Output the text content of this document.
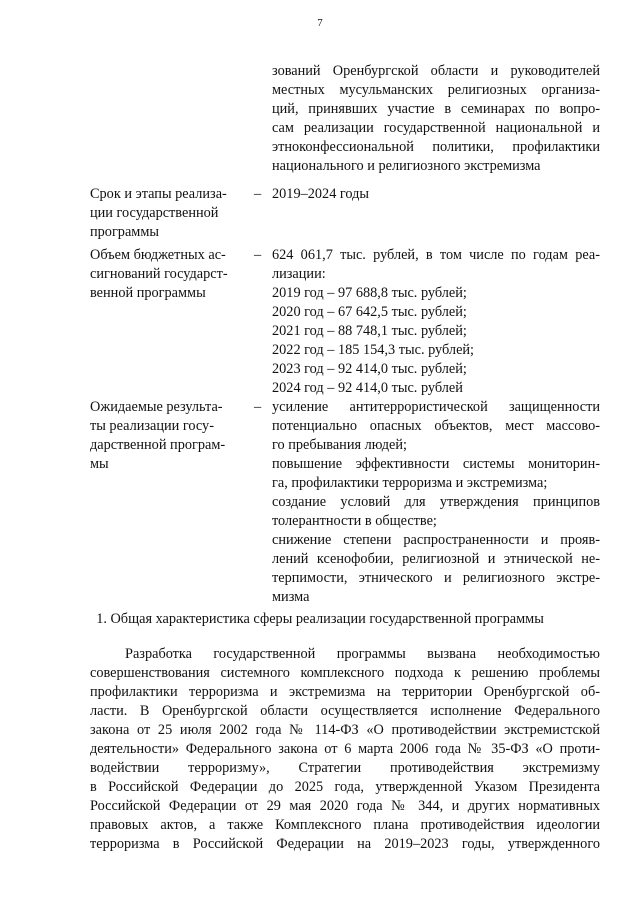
7
зований Оренбургской области и руководителей
местных мусульманских религиозных организа-
ций, принявших участие в семинарах по вопро-
сам реализации государственной национальной и
этноконфессиональной политики, профилактики
национального и религиозного экстремизма
Срок и этапы реализа-
ции государственной
программы
– 2019–2024 годы
Объем бюджетных ас-
сигнований государст-
венной программы
– 624 061,7 тыс. рублей, в том числе по годам реа-
лизации:
2019 год – 97 688,8 тыс. рублей;
2020 год – 67 642,5 тыс. рублей;
2021 год – 88 748,1 тыс. рублей;
2022 год – 185 154,3 тыс. рублей;
2023 год – 92 414,0 тыс. рублей;
2024 год – 92 414,0 тыс. рублей
Ожидаемые результа-
ты реализации госу-
дарственной програм-
мы
– усиление антитеррористической защищенности
потенциально опасных объектов, мест массово-
го пребывания людей;
повышение эффективности системы мониторин-
га, профилактики терроризма и экстремизма;
создание условий для утверждения принципов
толерантности в обществе;
снижение степени распространенности и прояв-
лений ксенофобии, религиозной и этнической не-
терпимости, этнического и религиозного экстре-
мизма
1. Общая характеристика сферы реализации государственной программы
Разработка государственной программы вызвана необходимостью
совершенствования системного комплексного подхода к решению проблемы
профилактики терроризма и экстремизма на территории Оренбургской об-
ласти. В Оренбургской области осуществляется исполнение Федерального
закона от 25 июля 2002 года № 114-ФЗ «О противодействии экстремистской
деятельности» Федерального закона от 6 марта 2006 года № 35-ФЗ «О проти-
водействии терроризму», Стратегии противодействия экстремизму
в Российской Федерации до 2025 года, утвержденной Указом Президента
Российской Федерации от 29 мая 2020 года № 344, и других нормативных
правовых актов, а также Комплексного плана противодействия идеологии
терроризма в Российской Федерации на 2019–2023 годы, утвержденного
